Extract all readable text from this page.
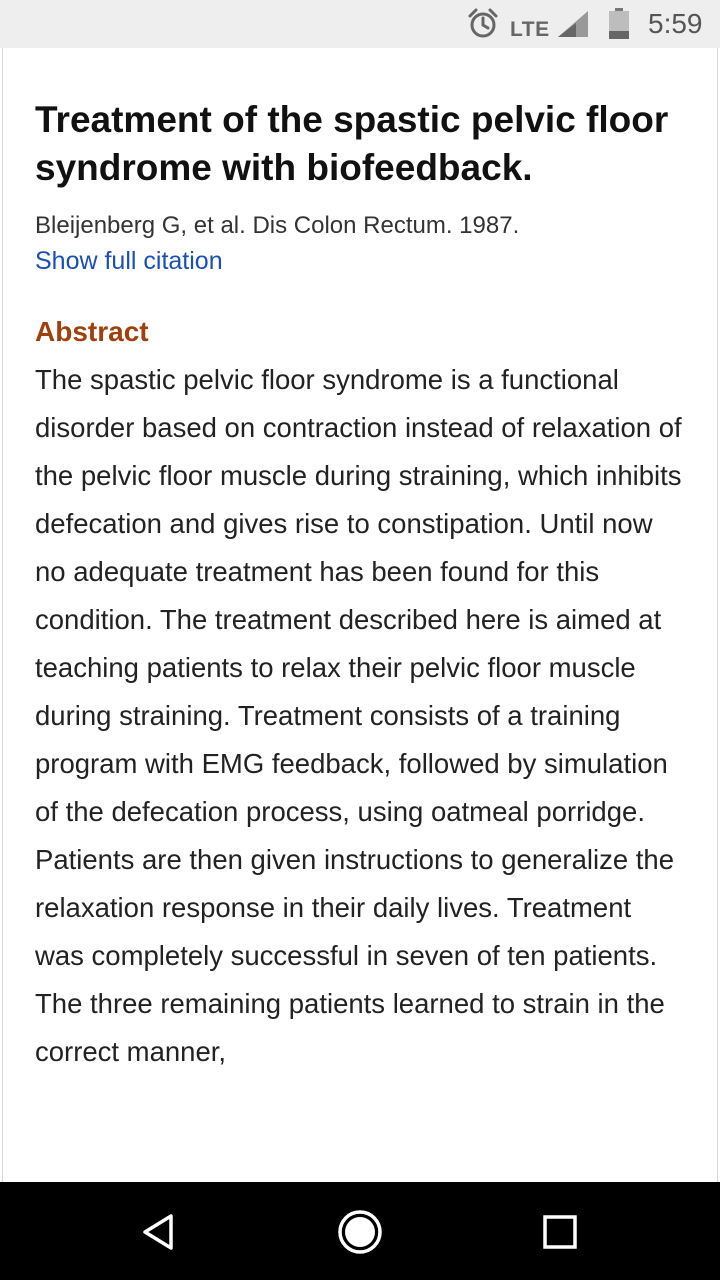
LTE	5:59
Treatment of the spastic pelvic floor syndrome with biofeedback.
Bleijenberg G, et al. Dis Colon Rectum. 1987.
Show full citation
Abstract
The spastic pelvic floor syndrome is a functional disorder based on contraction instead of relaxation of the pelvic floor muscle during straining, which inhibits defecation and gives rise to constipation. Until now no adequate treatment has been found for this condition. The treatment described here is aimed at teaching patients to relax their pelvic floor muscle during straining. Treatment consists of a training program with EMG feedback, followed by simulation of the defecation process, using oatmeal porridge. Patients are then given instructions to generalize the relaxation response in their daily lives. Treatment was completely successful in seven of ten patients. The three remaining patients learned to strain in the correct manner,
